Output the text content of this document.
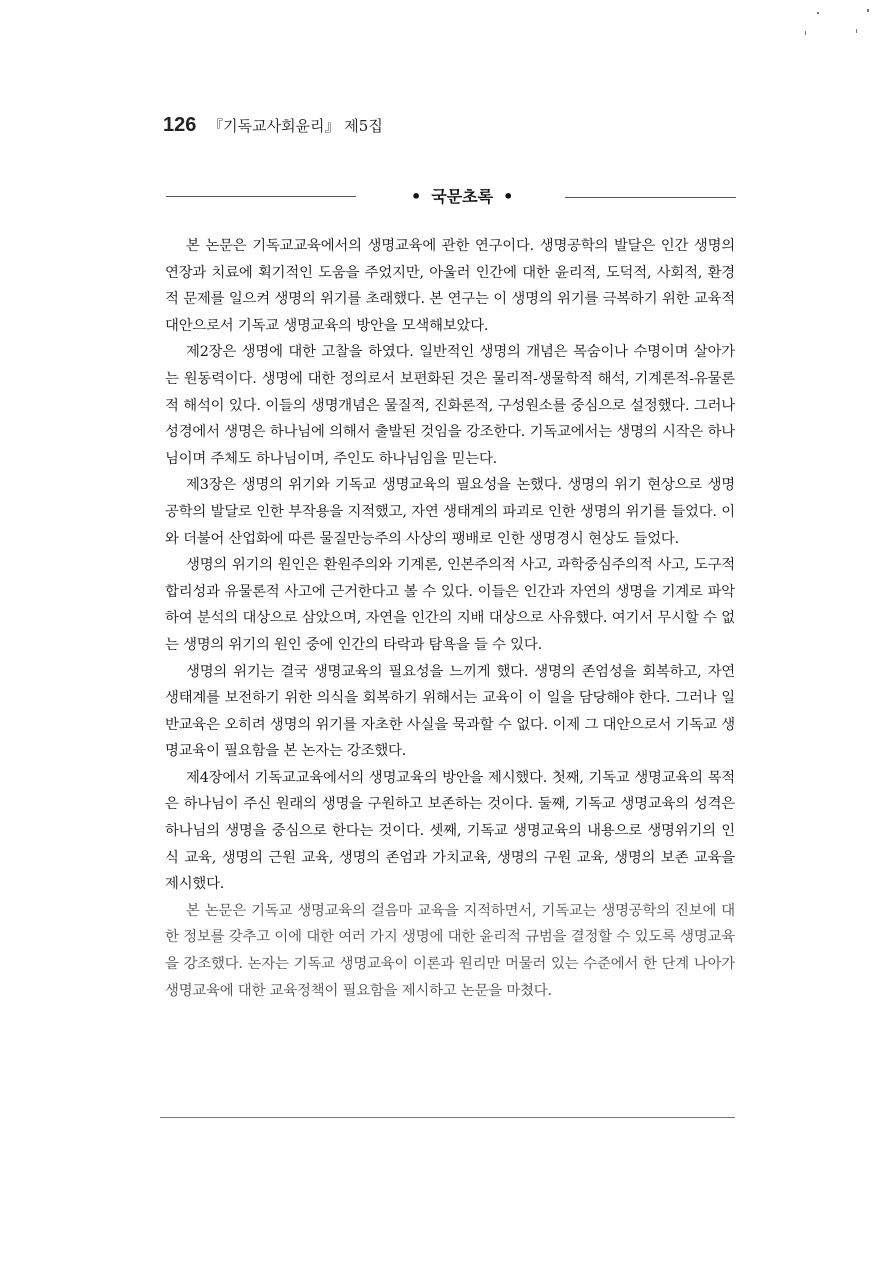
126 『기독교사회윤리』 제5집
• 국문초록 •

본 논문은 기독교교육에서의 생명교육에 관한 연구이다. 생명공학의 발달은 인간 생명의 연장과 치료에 획기적인 도움을 주었지만, 아울러 인간에 대한 윤리적, 도덕적, 사회적, 환경적 문제를 일으켜 생명의 위기를 초래했다. 본 연구는 이 생명의 위기를 극복하기 위한 교육적 대안으로서 기독교 생명교육의 방안을 모색해보았다.

제2장은 생명에 대한 고찰을 하였다. 일반적인 생명의 개념은 목숨이나 수명이며 살아가는 원동력이다. 생명에 대한 정의로서 보편화된 것은 물리적-생물학적 해석, 기계론적-유물론적 해석이 있다. 이들의 생명개념은 물질적, 진화론적, 구성원소를 중심으로 설정했다. 그러나 성경에서 생명은 하나님에 의해서 출발된 것임을 강조한다. 기독교에서는 생명의 시작은 하나님이며 주체도 하나님이며, 주인도 하나님임을 믿는다.

제3장은 생명의 위기와 기독교 생명교육의 필요성을 논했다. 생명의 위기 현상으로 생명공학의 발달로 인한 부작용을 지적했고, 자연 생태계의 파괴로 인한 생명의 위기를 들었다. 이와 더불어 산업화에 따른 물질만능주의 사상의 팽배로 인한 생명경시 현상도 들었다.

생명의 위기의 원인은 환원주의와 기계론, 인본주의적 사고, 과학중심주의적 사고, 도구적 합리성과 유물론적 사고에 근거한다고 볼 수 있다. 이들은 인간과 자연의 생명을 기계로 파악하여 분석의 대상으로 삼았으며, 자연을 인간의 지배 대상으로 사유했다. 여기서 무시할 수 없는 생명의 위기의 원인 중에 인간의 타락과 탐욕을 들 수 있다.

생명의 위기는 결국 생명교육의 필요성을 느끼게 했다. 생명의 존엄성을 회복하고, 자연 생태계를 보전하기 위한 의식을 회복하기 위해서는 교육이 이 일을 담당해야 한다. 그러나 일반교육은 오히려 생명의 위기를 자초한 사실을 묵과할 수 없다. 이제 그 대안으로서 기독교 생명교육이 필요함을 본 논자는 강조했다.

제4장에서 기독교교육에서의 생명교육의 방안을 제시했다. 첫째, 기독교 생명교육의 목적은 하나님이 주신 원래의 생명을 구원하고 보존하는 것이다. 둘째, 기독교 생명교육의 성격은 하나님의 생명을 중심으로 한다는 것이다. 셋째, 기독교 생명교육의 내용으로 생명위기의 인식 교육, 생명의 근원 교육, 생명의 존엄과 가치교육, 생명의 구원 교육, 생명의 보존 교육을 제시했다.

본 논문은 기독교 생명교육의 걸음마 교육을 지적하면서, 기독교는 생명공학의 진보에 대한 정보를 갖추고 이에 대한 여러 가지 생명에 대한 윤리적 규범을 결정할 수 있도록 생명교육을 강조했다. 논자는 기독교 생명교육이 이론과 원리만 머물러 있는 수준에서 한 단계 나아가 생명교육에 대한 교육정책이 필요함을 제시하고 논문을 마쳤다.
